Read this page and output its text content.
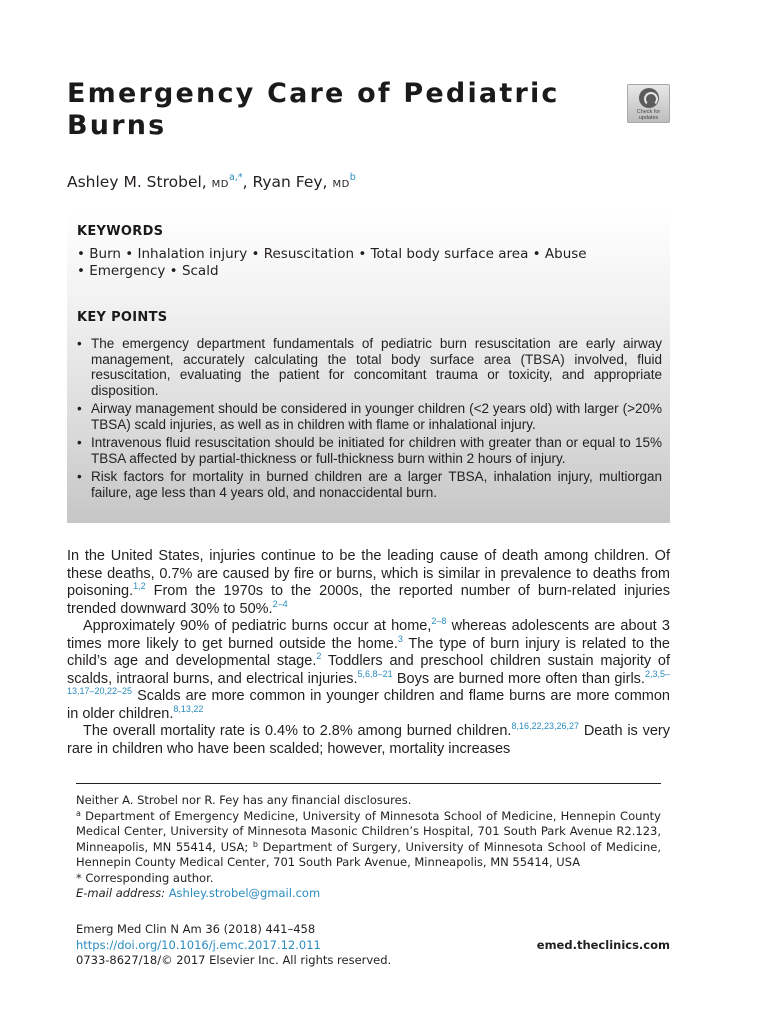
Emergency Care of Pediatric
Burns	Check for
updates
Ashley M. Strobel, $MD^{a,*}$, Ryan Fey, $MD^b$
KEYWORDS
• Burn • Inhalation injury • Resuscitation • Total body surface area • Abuse
• Emergency • Scald
KEY POINTS
• The emergency department fundamentals of pediatric burn resuscitation are early airway management, accurately calculating the total body surface area (TBSA) involved, fluid resuscitation, evaluating the patient for concomitant trauma or toxicity, and appropriate disposition.
• Airway management should be considered in younger children (<2 years old) with larger (>20% TBSA) scald injuries, as well as in children with flame or inhalational injury.
• Intravenous fluid resuscitation should be initiated for children with greater than or equal to 15% TBSA affected by partial-thickness or full-thickness burn within 2 hours of injury.
• Risk factors for mortality in burned children are a larger TBSA, inhalation injury, multiorgan failure, age less than 4 years old, and nonaccidental burn.

In the United States, injuries continue to be the leading cause of death among children. Of these deaths, 0.7% are caused by fire or burns, which is similar in prevalence to deaths from poisoning.$^{1,2}$ From the 1970s to the 2000s, the reported number of burn-related injuries trended downward 30% to 50%.$^{2-4}$

Approximately 90% of pediatric burns occur at home,$^{2-8}$ whereas adolescents are about 3 times more likely to get burned outside the home.$^3$ The type of burn injury is related to the child’s age and developmental stage.$^2$ Toddlers and preschool children sustain majority of scalds, intraoral burns, and electrical injuries.$^{5,6,8-21}$ Boys are burned more often than girls.$^{2,3,5-13,17-20,22-25}$ Scalds are more common in younger children and flame burns are more common in older children.$^{8,13,22}$

The overall mortality rate is 0.4% to 2.8% among burned children.$^{8,16,22,23,26,27}$ Death is very rare in children who have been scalded; however, mortality increases

Neither A. Strobel nor R. Fey has any financial disclosures.
$^a$ Department of Emergency Medicine, University of Minnesota School of Medicine, Hennepin County Medical Center, University of Minnesota Masonic Children’s Hospital, 701 South Park Avenue R2.123, Minneapolis, MN 55414, USA; $^b$ Department of Surgery, University of Minnesota School of Medicine, Hennepin County Medical Center, 701 South Park Avenue, Minneapolis, MN 55414, USA
* Corresponding author.
E-mail address: Ashley.strobel@gmail.com
Emerg Med Clin N Am 36 (2018) 441–458
https://doi.org/10.1016/j.emc.2017.12.011
0733-8627/18/© 2017 Elsevier Inc. All rights reserved.
emed.theclinics.com
